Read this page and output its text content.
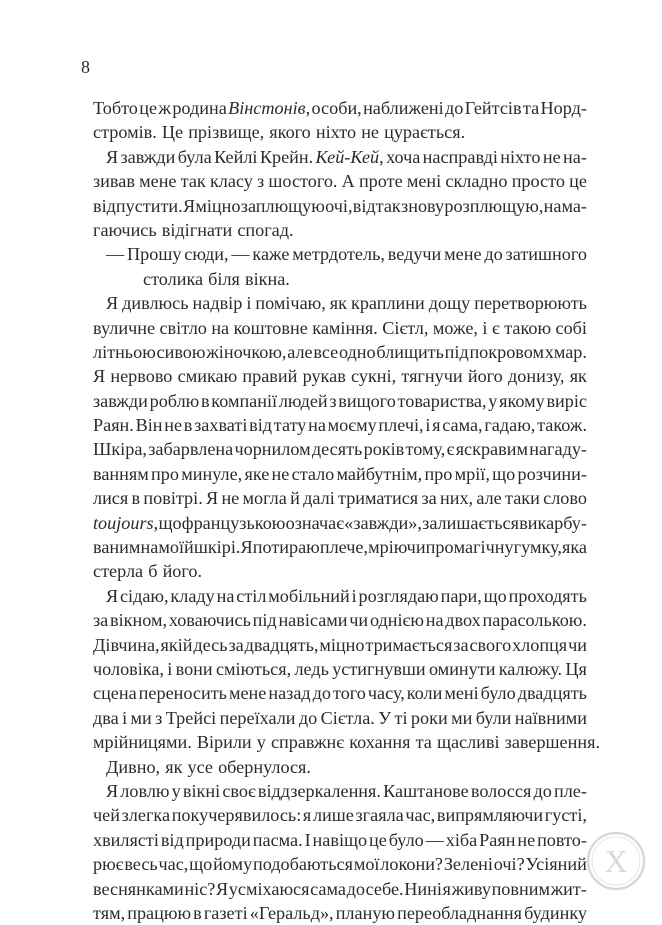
8
Тобто це ж родина Вінстонів, особи, наближені до Гейтсів та Норд-
стромів. Це прізвище, якого ніхто не цурається.
Я завжди була Кейлі Крейн. Кей-Кей, хоча насправді ніхто не на-
зивав мене так класу з шостого. А проте мені складно просто це
відпустити. Я міцно заплющую очі, відтак знову розплющую, нама-
гаючись відігнати спогад.
— Прошу сюди, — каже метрдотель, ведучи мене до затишного
столика біля вікна.
Я дивлюсь надвір і помічаю, як краплини дощу перетворюють
вуличне світло на коштовне каміння. Сієтл, може, і є такою собі
літньою сивою жіночкою, але все одно блищить під покровом хмар.
Я нервово смикаю правий рукав сукні, тягнучи його донизу, як
завжди роблю в компанії людей з вищого товариства, у якому виріс
Раян. Він не в захваті від тату на моєму плечі, і я сама, гадаю, також.
Шкіра, забарвлена чорнилом десять років тому, є яскравим нагаду-
ванням про минуле, яке не стало майбутнім, про мрії, що розчини-
лися в повітрі. Я не могла й далі триматися за них, але таки слово
toujours, що французькою означає «завжди», залишається викарбу-
ваним на моїй шкірі. Я потираю плече, мріючи про магічну гумку, яка
стерла б його.
Я сідаю, кладу на стіл мобільний і розглядаю пари, що проходять
за вікном, ховаючись під навісами чи однією на двох парасолькою.
Дівчина, якій десь за двадцять, міцно тримається за свого хлопця чи
чоловіка, і вони сміються, ледь устигнувши оминути калюжу. Ця
сцена переносить мене назад до того часу, коли мені було двадцять
два і ми з Трейсі переїхали до Сієтла. У ті роки ми були наївними
мрійницями. Вірили у справжнє кохання та щасливі завершення.
Дивно, як усе обернулося.
Я ловлю у вікні своє віддзеркалення. Каштанове волосся до пле-
чей злегка покучерявилось: я лише згаяла час, випрямляючи густі,
хвилясті від природи пасма. І навіщо це було — хіба Раян не повто-
рює весь час, що йому подобаються мої локони? Зелені очі? Усіяний
веснянками ніс? Я усміхаюся сама до себе. Нині я живу повним жит-
тям, працюю в газеті «Геральд», планую переобладнання будинку
Х
